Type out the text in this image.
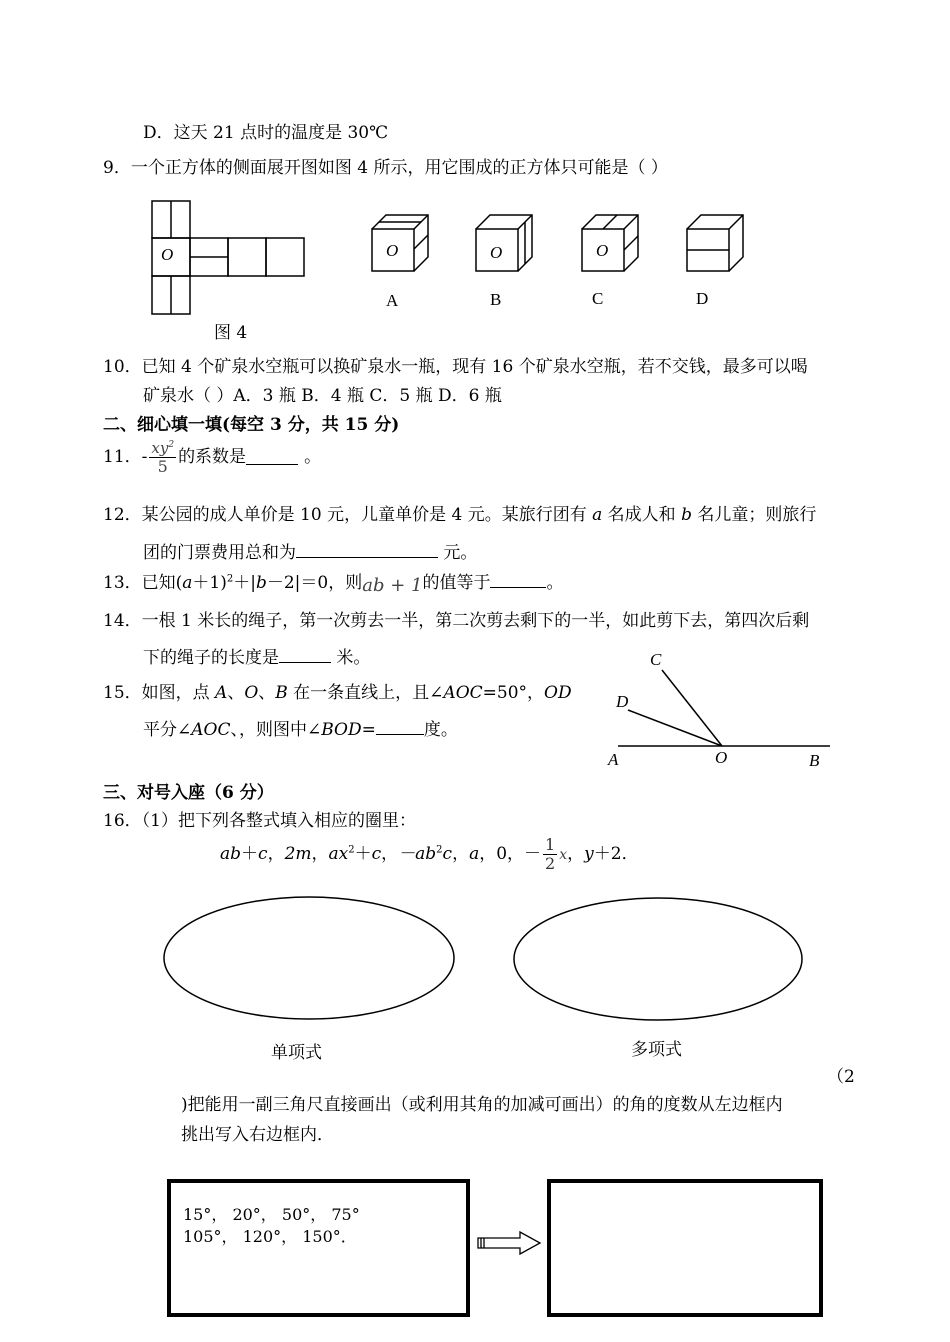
D．这天 21 点时的温度是 30℃
9．一个正方体的侧面展开图如图 4 所示，用它围成的正方体只可能是（ ）
O
图 4
O
A
O
B
O
C	D
10．已知 4 个矿泉水空瓶可以换矿泉水一瓶，现有 16 个矿泉水空瓶，若不交钱，最多可以喝
矿泉水（ ）A．3 瓶 B．4 瓶 C．5 瓶 D．6 瓶
二、细心填一填(每空 3 分，共 15 分)
11．- $\frac{xy^2}{5}$ 的系数是	。
12．某公园的成人单价是 10 元，儿童单价是 4 元。某旅行团有 a 名成人和 b 名儿童；则旅行
团的门票费用总和为	元。
13．已知$(a+1)^2+|b-2|=0$，则ab + 1的值等于	。
14．一根 1 米长的绳子，第一次剪去一半，第二次剪去剩下的一半，如此剪下去，第四次后剩
下的绳子的长度是	米。
15．如图，点 A、O、B 在一条直线上，且∠AOC=50°，OD
平分∠AOC、，则图中∠BOD=	度。
C
D
A	O	B
三、对号入座（6 分）
16．（1）把下列各整式填入相应的圈里：
ab＋c，2m，$ax^2+c$，$-ab^2c$，a，0，－ $\frac{1}{2}$ x，y＋2．
单项式	多项式
（2
)把能用一副三角尺直接画出（或利用其角的加减可画出）的角的度数从左边框内
挑出写入右边框内．
15°， 20°， 50°， 75°
105°， 120°， 150°．
